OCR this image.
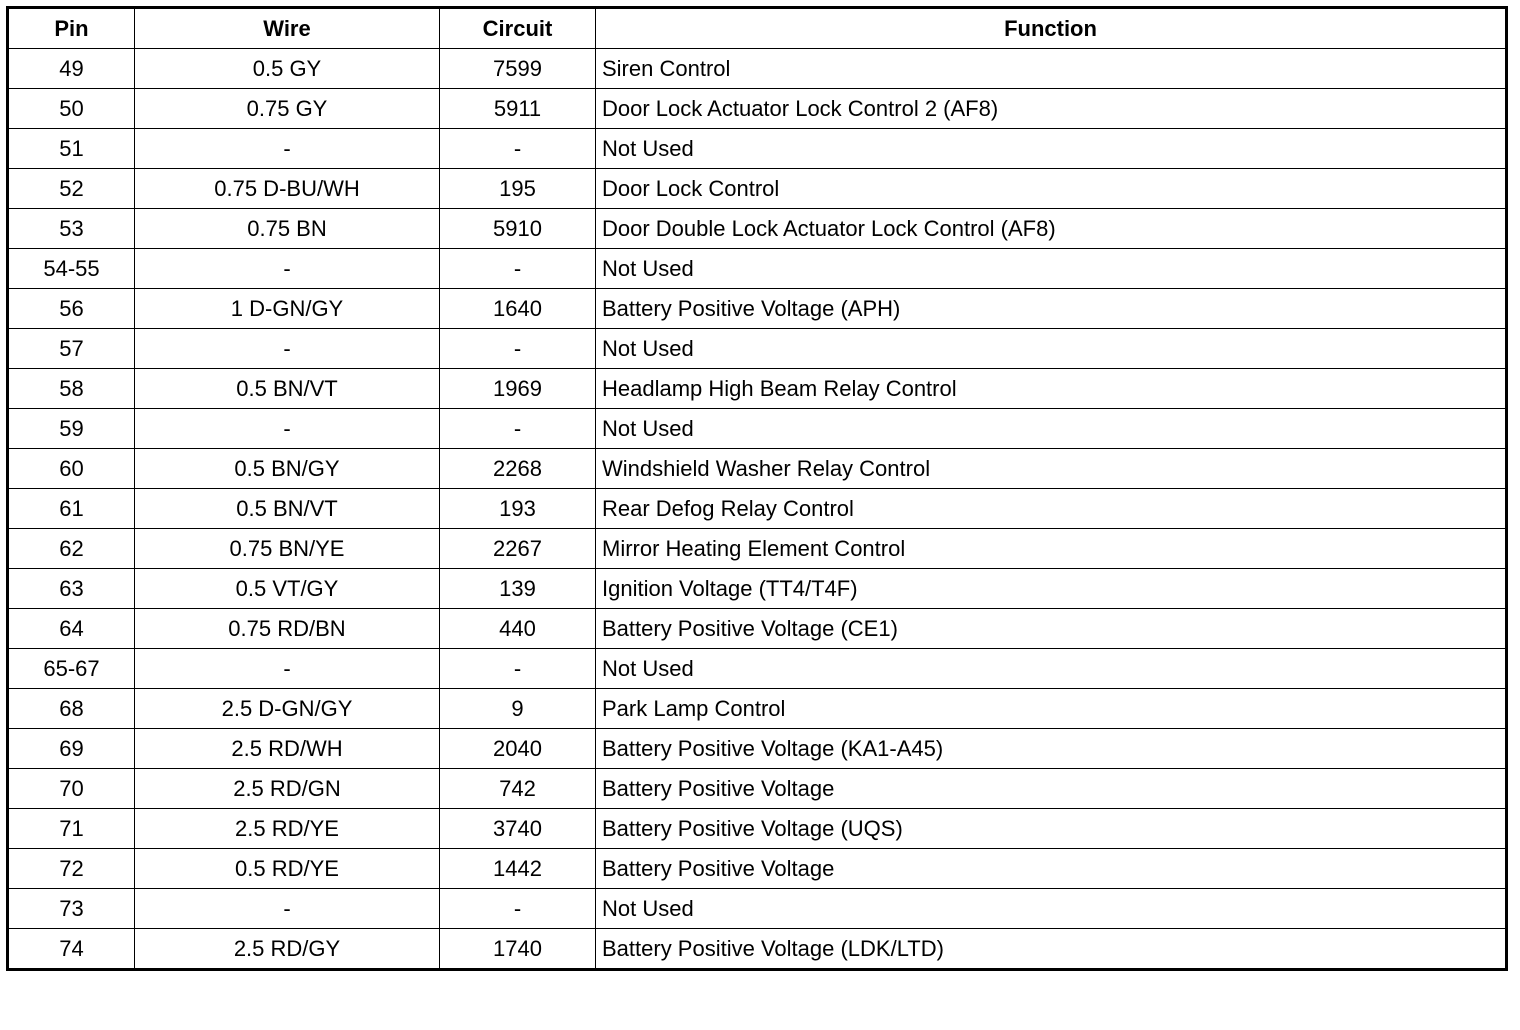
Pin	Wire	Circuit	Function
49	0.5 GY	7599	Siren Control
50	0.75 GY	5911	Door Lock Actuator Lock Control 2 (AF8)
51	-	-	Not Used
52	0.75 D-BU/WH	195	Door Lock Control
53	0.75 BN	5910	Door Double Lock Actuator Lock Control (AF8)
54-55	-	-	Not Used
56	1 D-GN/GY	1640	Battery Positive Voltage (APH)
57	-	-	Not Used
58	0.5 BN/VT	1969	Headlamp High Beam Relay Control
59	-	-	Not Used
60	0.5 BN/GY	2268	Windshield Washer Relay Control
61	0.5 BN/VT	193	Rear Defog Relay Control
62	0.75 BN/YE	2267	Mirror Heating Element Control
63	0.5 VT/GY	139	Ignition Voltage (TT4/T4F)
64	0.75 RD/BN	440	Battery Positive Voltage (CE1)
65-67	-	-	Not Used
68	2.5 D-GN/GY	9	Park Lamp Control
69	2.5 RD/WH	2040	Battery Positive Voltage (KA1-A45)
70	2.5 RD/GN	742	Battery Positive Voltage
71	2.5 RD/YE	3740	Battery Positive Voltage (UQS)
72	0.5 RD/YE	1442	Battery Positive Voltage
73	-	-	Not Used
74	2.5 RD/GY	1740	Battery Positive Voltage (LDK/LTD)
